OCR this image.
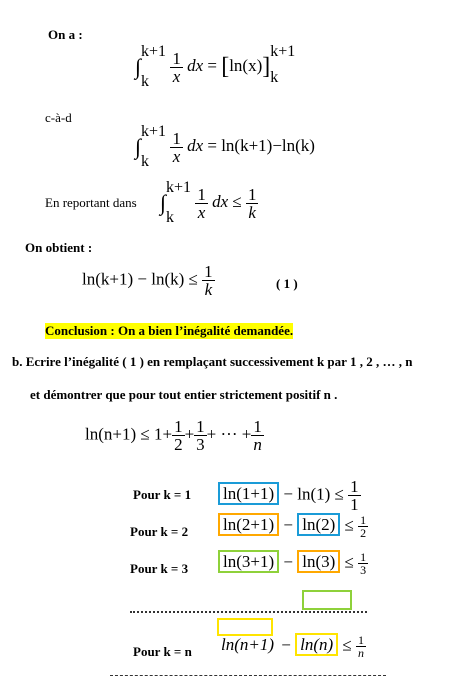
On a :
∫
k+1
k
	$\frac{1}{x}$ dx = [ln(x)]
k+1
k
c-à-d
∫
k+1
k
	$\frac{1}{x}$ dx = ln(k+1)−ln(k)
En reportant dans ∫
k+1
k
	$\frac{1}{x}$ dx ≤ $\frac{1}{k}$
On obtient :
$\ln(k+1) - \ln(k) \le \frac{1}{k}$	( 1 )
Conclusion : On a bien l’inégalité demandée.
b. Ecrire l’inégalité ( 1 ) en remplaçant successivement k par 1 , 2 , … , n
et démontrer que pour tout entier strictement positif n .
$\ln(n+1) \le 1+ \frac{1}{2} + \frac{1}{3}$ + ··· + $\frac{1}{n}$
Pour k = 1 $\ln(1+1) - \ln(1) \le \frac{1}{1}$
Pour k = 2 $\ln(2+1) - \ln(2) \le \frac{1}{2}$
Pour k = 3 $\ln(3+1) - \ln(3) \le \frac{1}{3}$
Pour k = n $\ln(n+1) - \ln(n) \le \frac{1}{n}$
